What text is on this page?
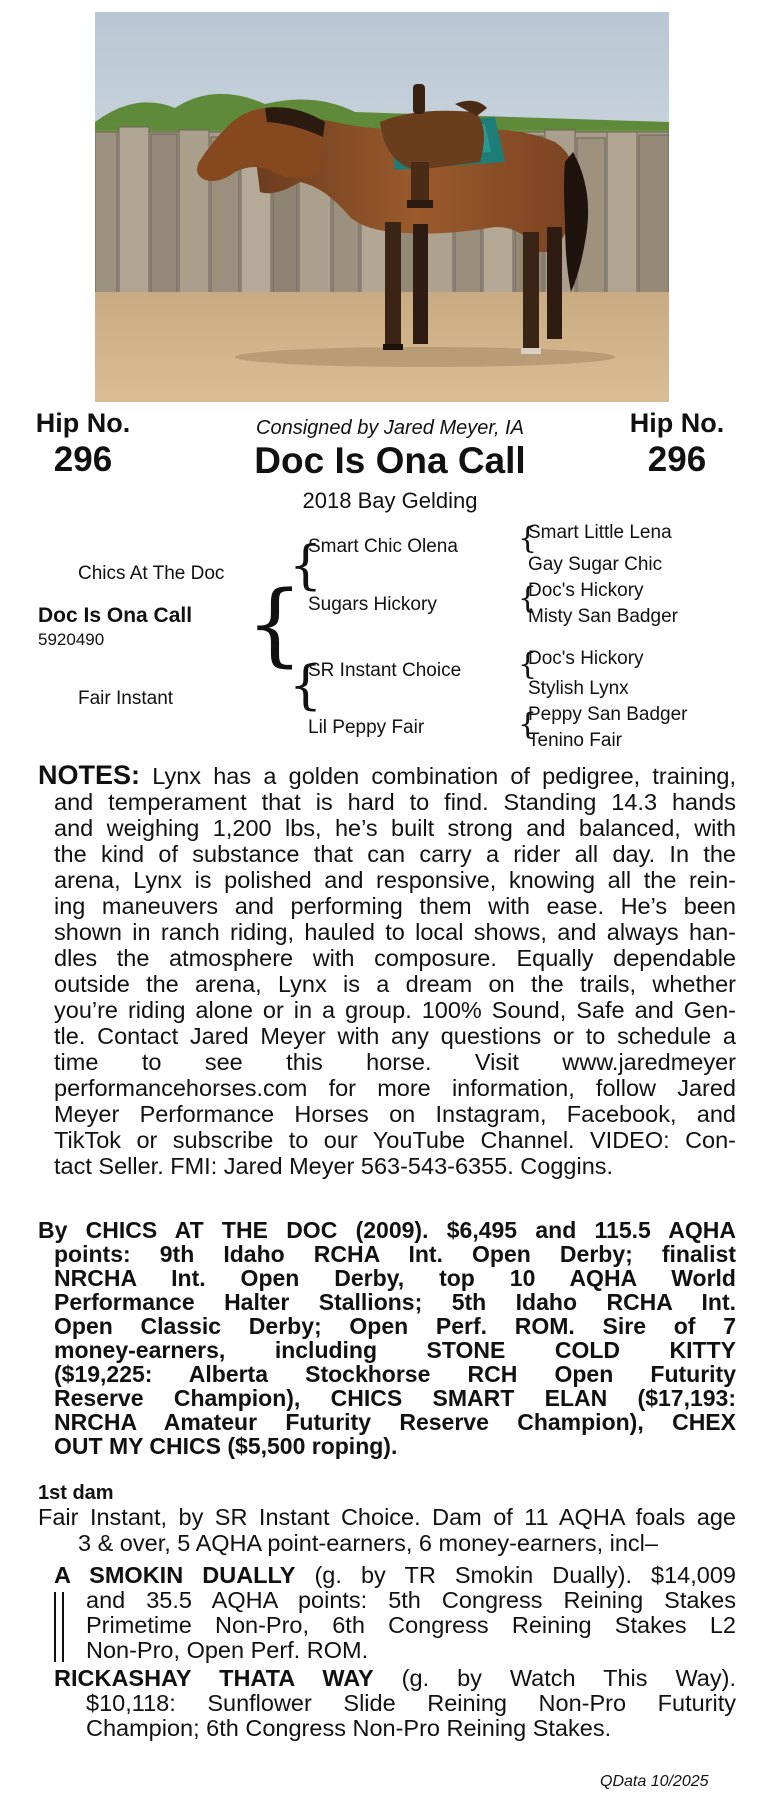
Hip No.
296
Hip No.
296
Consigned by Jared Meyer, IA
Doc Is Ona Call
2018 Bay Gelding
Chics At The Doc
Doc Is Ona Call
5920490
Fair Instant
{
{
{
Smart Chic Olena
Sugars Hickory
SR Instant Choice
Lil Peppy Fair
{
{
{
{
Smart Little Lena
Gay Sugar Chic
Doc's Hickory
Misty San Badger
Doc's Hickory
Stylish Lynx
Peppy San Badger
Tenino Fair
NOTES: Lynx has a golden combination of pedigree, training,
and temperament that is hard to find. Standing 14.3 hands
and weighing 1,200 lbs, he’s built strong and balanced, with
the kind of substance that can carry a rider all day. In the
arena, Lynx is polished and responsive, knowing all the rein-
ing maneuvers and performing them with ease. He’s been
shown in ranch riding, hauled to local shows, and always han-
dles the atmosphere with composure. Equally dependable
outside the arena, Lynx is a dream on the trails, whether
you’re riding alone or in a group. 100% Sound, Safe and Gen-
tle. Contact Jared Meyer with any questions or to schedule a
time to see this horse. Visit www.jaredmeyer
performancehorses.com for more information, follow Jared
Meyer Performance Horses on Instagram, Facebook, and
TikTok or subscribe to our YouTube Channel. VIDEO: Con-
tact Seller. FMI: Jared Meyer 563-543-6355. Coggins.
By CHICS AT THE DOC (2009). $6,495 and 115.5 AQHA
points: 9th Idaho RCHA Int. Open Derby; finalist
NRCHA Int. Open Derby, top 10 AQHA World
Performance Halter Stallions; 5th Idaho RCHA Int.
Open Classic Derby; Open Perf. ROM. Sire of 7
money-earners, including STONE COLD KITTY
($19,225: Alberta Stockhorse RCH Open Futurity
Reserve Champion), CHICS SMART ELAN ($17,193:
NRCHA Amateur Futurity Reserve Champion), CHEX
OUT MY CHICS ($5,500 roping).
1st dam
Fair Instant, by SR Instant Choice. Dam of 11 AQHA foals age
3 & over, 5 AQHA point-earners, 6 money-earners, incl–
A SMOKIN DUALLY (g. by TR Smokin Dually). $14,009
and 35.5 AQHA points: 5th Congress Reining Stakes
Primetime Non-Pro, 6th Congress Reining Stakes L2
Non-Pro, Open Perf. ROM.
RICKASHAY THATA WAY (g. by Watch This Way).
$10,118: Sunflower Slide Reining Non-Pro Futurity
Champion; 6th Congress Non-Pro Reining Stakes.
QData 10/2025
